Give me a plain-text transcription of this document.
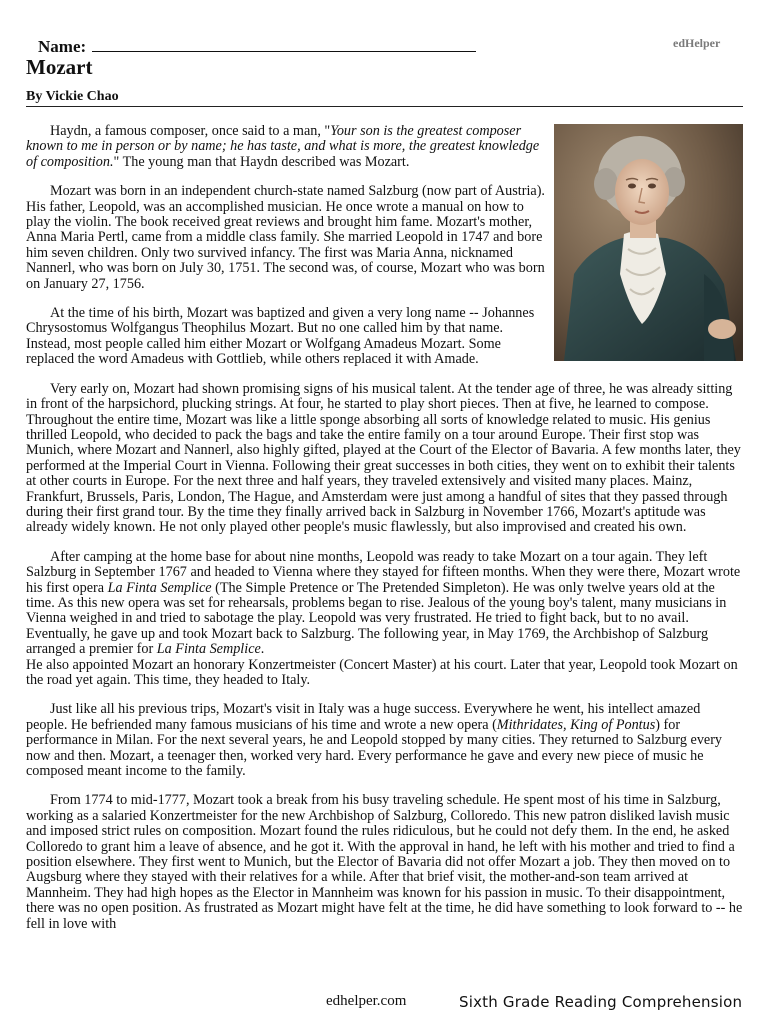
Name:	edHelper
Mozart
By Vickie Chao

Haydn, a famous composer, once said to a man, "Your son is the greatest composer known to me in person or by name; he has taste, and what is more, the greatest knowledge of composition." The young man that Haydn described was Mozart.

Mozart was born in an independent church-state named Salzburg (now part of Austria). His father, Leopold, was an accomplished musician. He once wrote a manual on how to play the violin. The book received great reviews and brought him fame. Mozart's mother, Anna Maria Pertl, came from a middle class family. She married Leopold in 1747 and bore him seven children. Only two survived infancy. The first was Maria Anna, nicknamed Nannerl, who was born on July 30, 1751. The second was, of course, Mozart who was born on January 27, 1756.

At the time of his birth, Mozart was baptized and given a very long name -- Johannes Chrysostomus Wolfgangus Theophilus Mozart. But no one called him by that name. Instead, most people called him either Mozart or Wolfgang Amadeus Mozart. Some replaced the word Amadeus with Gottlieb, while others replaced it with Amade.

Very early on, Mozart had shown promising signs of his musical talent. At the tender age of three, he was already sitting in front of the harpsichord, plucking strings. At four, he started to play short pieces. Then at five, he learned to compose. Throughout the entire time, Mozart was like a little sponge absorbing all sorts of knowledge related to music. His genius thrilled Leopold, who decided to pack the bags and take the entire family on a tour around Europe. Their first stop was Munich, where Mozart and Nannerl, also highly gifted, played at the Court of the Elector of Bavaria. A few months later, they performed at the Imperial Court in Vienna. Following their great successes in both cities, they went on to exhibit their talents at other courts in Europe. For the next three and half years, they traveled extensively and visited many places. Mainz, Frankfurt, Brussels, Paris, London, The Hague, and Amsterdam were just among a handful of sites that they passed through during their first grand tour. By the time they finally arrived back in Salzburg in November 1766, Mozart's aptitude was already widely known. He not only played other people's music flawlessly, but also improvised and created his own.

After camping at the home base for about nine months, Leopold was ready to take Mozart on a tour again. They left Salzburg in September 1767 and headed to Vienna where they stayed for fifteen months. When they were there, Mozart wrote his first opera La Finta Semplice (The Simple Pretence or The Pretended Simpleton). He was only twelve years old at the time. As this new opera was set for rehearsals, problems began to rise. Jealous of the young boy's talent, many musicians in Vienna weighed in and tried to sabotage the play. Leopold was very frustrated. He tried to fight back, but to no avail. Eventually, he gave up and took Mozart back to Salzburg. The following year, in May 1769, the Archbishop of Salzburg arranged a premier for La Finta Semplice.

He also appointed Mozart an honorary Konzertmeister (Concert Master) at his court. Later that year, Leopold took Mozart on the road yet again. This time, they headed to Italy.

Just like all his previous trips, Mozart's visit in Italy was a huge success. Everywhere he went, his intellect amazed people. He befriended many famous musicians of his time and wrote a new opera (Mithridates, King of Pontus) for performance in Milan. For the next several years, he and Leopold stopped by many cities. They returned to Salzburg every now and then. Mozart, a teenager then, worked very hard. Every performance he gave and every new piece of music he composed meant income to the family.

From 1774 to mid-1777, Mozart took a break from his busy traveling schedule. He spent most of his time in Salzburg, working as a salaried Konzertmeister for the new Archbishop of Salzburg, Colloredo. This new patron disliked lavish music and imposed strict rules on composition. Mozart found the rules ridiculous, but he could not defy them. In the end, he asked Colloredo to grant him a leave of absence, and he got it. With the approval in hand, he left with his mother and tried to find a position elsewhere. They first went to Munich, but the Elector of Bavaria did not offer Mozart a job. They then moved on to Augsburg where they stayed with their relatives for a while. After that brief visit, the mother-and-son team arrived at Mannheim. They had high hopes as the Elector in Mannheim was known for his passion in music. To their disappointment, there was no open position. As frustrated as Mozart might have felt at the time, he did have something to look forward to -- he fell in love with

edhelper.com	Sixth Grade Reading Comprehension
